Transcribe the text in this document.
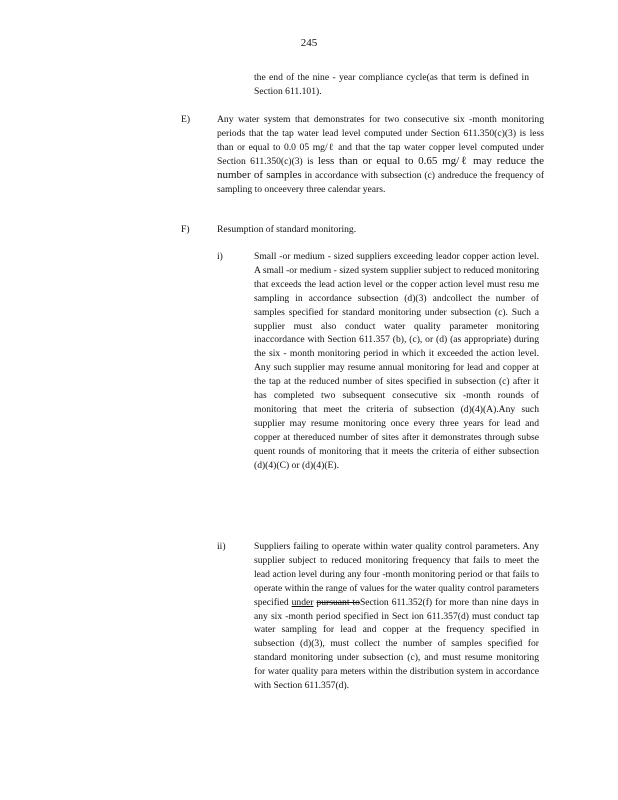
245
the end of the nine - year compliance cycle(as that term is defined in Section 611.101).
E)	Any water system that demonstrates for two consecutive six -month monitoring periods that the tap water lead level computed under Section 611.350(c)(3) is less than or equal to 0.0 05 mg/ℓ and that the tap water copper level computed under Section 611.350(c)(3) is less than or equal to 0.65 mg/ℓ may reduce the number of samples in accordance with subsection (c) andreduce the frequency of sampling to onceevery three calendar years.
F)	Resumption of standard monitoring.
i)	Small -or medium - sized suppliers exceeding leador copper action level. A small -or medium - sized system supplier subject to reduced monitoring that exceeds the lead action level or the copper action level must resu me sampling in accordance subsection (d)(3) andcollect the number of samples specified for standard monitoring under subsection (c). Such a supplier must also conduct water quality parameter monitoring inaccordance with Section 611.357 (b), (c), or (d) (as appropriate) during the six - month monitoring period in which it exceeded the action level. Any such supplier may resume annual monitoring for lead and copper at the tap at the reduced number of sites specified in subsection (c) after it has completed two subsequent consecutive six -month rounds of monitoring that meet the criteria of subsection (d)(4)(A).Any such supplier may resume monitoring once every three years for lead and copper at thereduced number of sites after it demonstrates through subse quent rounds of monitoring that it meets the criteria of either subsection (d)(4)(C) or (d)(4)(E).
ii)	Suppliers failing to operate within water quality control parameters. Any supplier subject to reduced monitoring frequency that fails to meet the lead action level during any four -month monitoring period or that fails to operate within the range of values for the water quality control parameters specified under pursuant toSection 611.352(f) for more than nine days in any six -month period specified in Sect ion 611.357(d) must conduct tap water sampling for lead and copper at the frequency specified in subsection (d)(3), must collect the number of samples specified for standard monitoring under subsection (c), and must resume monitoring for water quality para meters within the distribution system in accordance with Section 611.357(d).
